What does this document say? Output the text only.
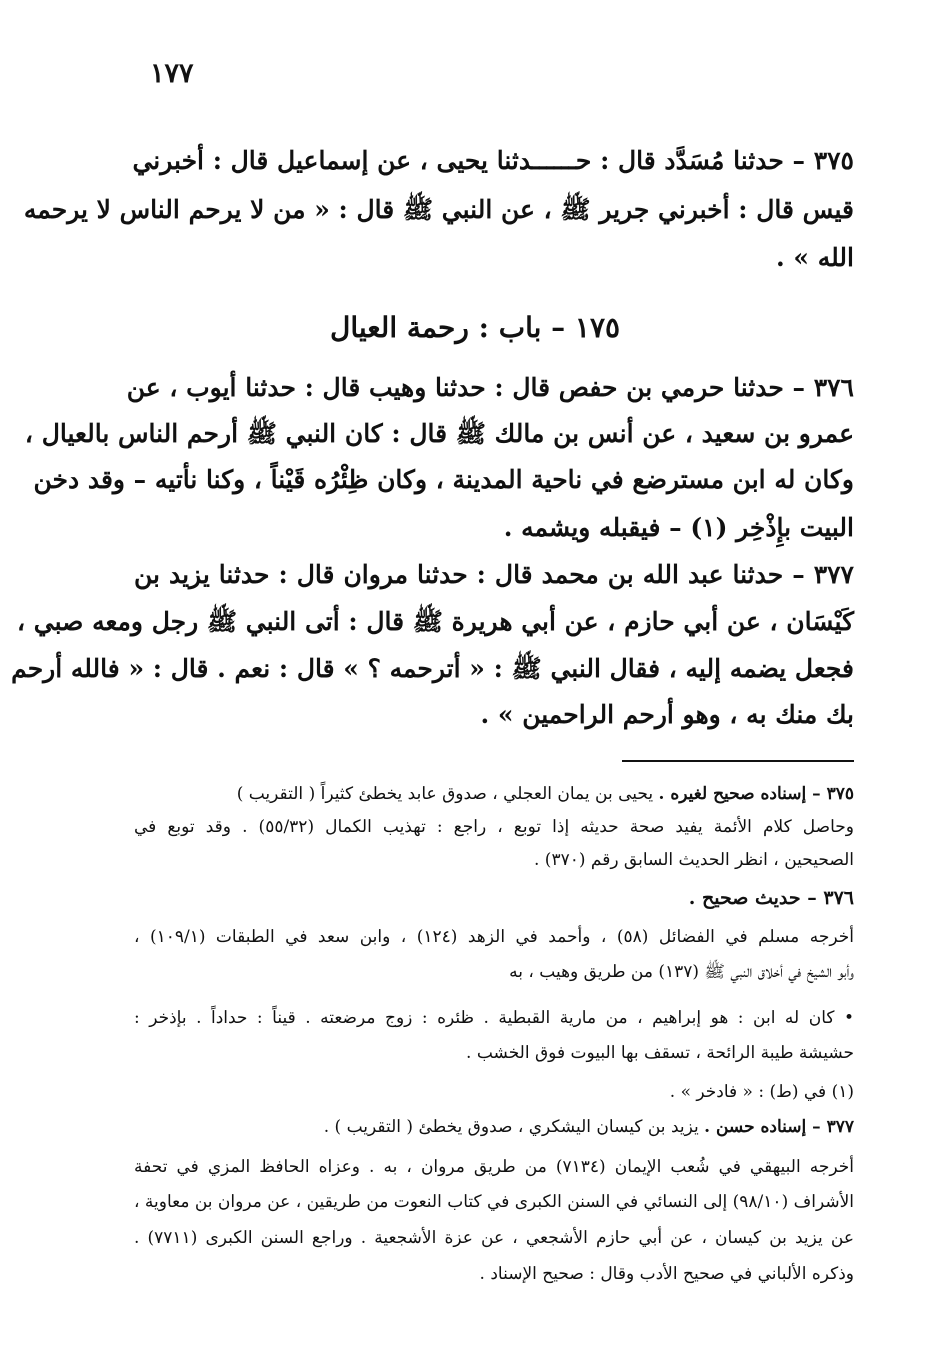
١٧٧
٣٧٥ – حدثنا مُسَدَّد قال : حــــــدثنا يحيى ، عن إسماعيل قال : أخبرني
قيس قال : أخبرني جرير ﷺ ، عن النبي ﷺ قال : « من لا يرحم الناس لا يرحمه
الله » .
١٧٥ – باب : رحمة العيال
٣٧٦ – حدثنا حرمي بن حفص قال : حدثنا وهيب قال : حدثنا أيوب ، عن
عمرو بن سعيد ، عن أنس بن مالك ﷺ قال : كان النبي ﷺ أرحم الناس بالعيال ،
وكان له ابن مسترضع في ناحية المدينة ، وكان ظِئْرُه قَيْناً ، وكنا نأتيه – وقد دخن
البيت بإِذْخِر (١) – فيقبله ويشمه .
٣٧٧ – حدثنا عبد الله بن محمد قال : حدثنا مروان قال : حدثنا يزيد بن
كَيْسَان ، عن أبي حازم ، عن أبي هريرة ﷺ قال : أتى النبي ﷺ رجل ومعه صبي ،
فجعل يضمه إليه ، فقال النبي ﷺ : « أترحمه ؟ » قال : نعم . قال : « فالله أرحم
بك منك به ، وهو أرحم الراحمين » .
٣٧٥ – إسناده صحيح لغيره . يحيى بن يمان العجلي ، صدوق عابد يخطئ كثيراً ( التقريب )
وحاصل كلام الأئمة يفيد صحة حديثه إذا توبع ، راجع : تهذيب الكمال (٥٥/٣٢) . وقد توبع في
الصحيحين ، انظر الحديث السابق رقم (٣٧٠) .
٣٧٦ – حديث صحيح .
أخرجه مسلم في الفضائل (٥٨) ، وأحمد في الزهد (١٢٤) ، وابن سعد في الطبقات (١٠٩/١) ،
وأبو الشيخ في أخلاق النبي ﷺ (١٣٧) من طريق وهيب ، به
• كان له ابن : هو إبراهيم ، من مارية القبطية . ظئره : زوج مرضعته . قيناً : حداداً . بإذخر :
حشيشة طيبة الرائحة ، تسقف بها البيوت فوق الخشب .
(١) في (ط) : « فادخر » .
٣٧٧ – إسناده حسن . يزيد بن كيسان اليشكري ، صدوق يخطئ ( التقريب ) .
أخرجه البيهقي في شُعب الإيمان (٧١٣٤) من طريق مروان ، به . وعزاه الحافظ المزي في تحفة
الأشراف (٩٨/١٠) إلى النسائي في السنن الكبرى في كتاب النعوت من طريقين ، عن مروان بن معاوية ،
عن يزيد بن كيسان ، عن أبي حازم الأشجعي ، عن عزة الأشجعية . وراجع السنن الكبرى (٧٧١١) .
وذكره الألباني في صحيح الأدب وقال : صحيح الإسناد .
